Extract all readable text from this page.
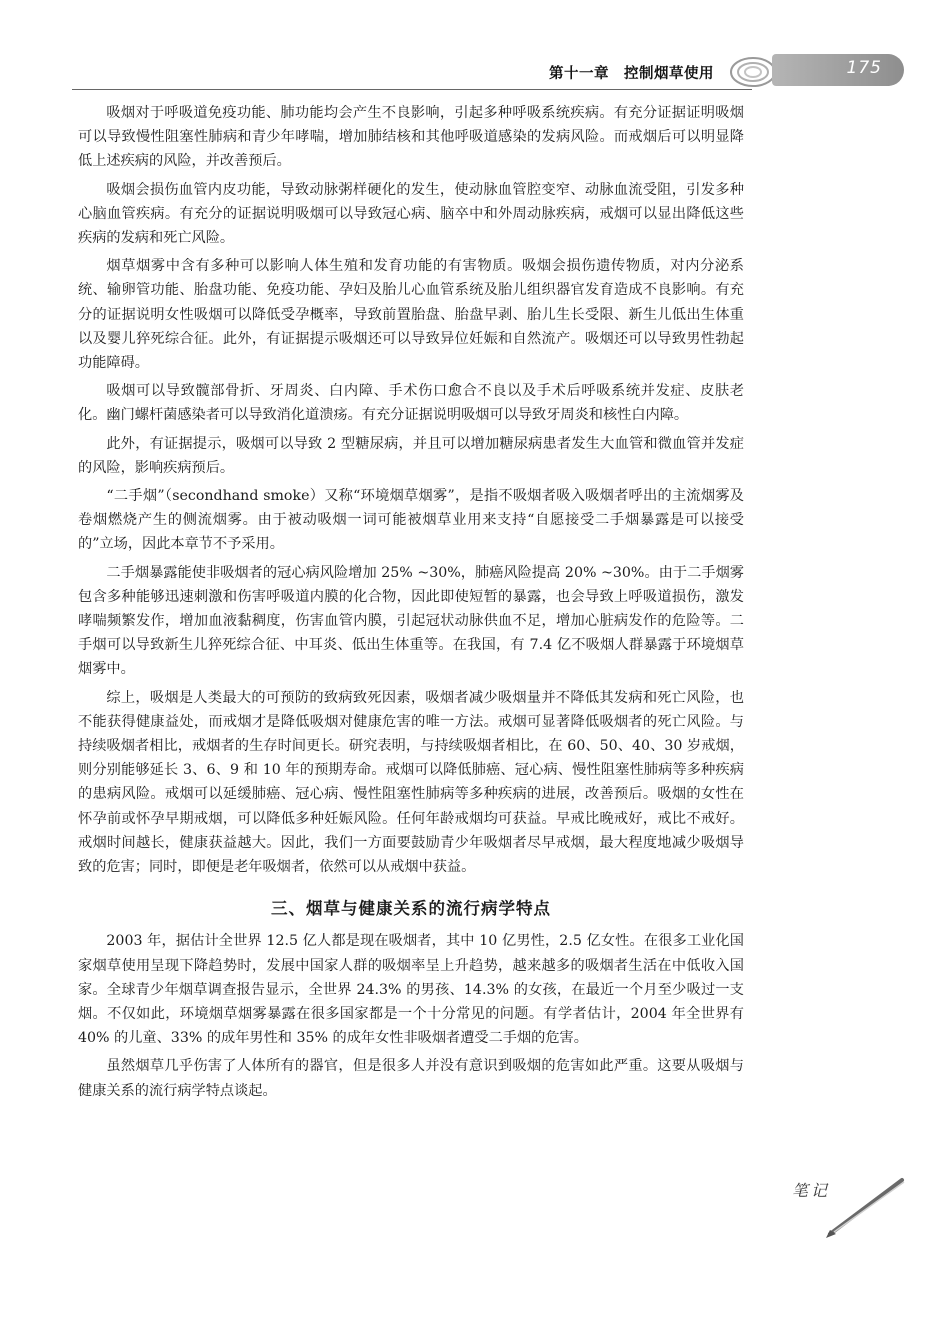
第十一章　控制烟草使用	175

吸烟对于呼吸道免疫功能、肺功能均会产生不良影响，引起多种呼吸系统疾病。有充分证据证明吸烟可以导致慢性阻塞性肺病和青少年哮喘，增加肺结核和其他呼吸道感染的发病风险。而戒烟后可以明显降低上述疾病的风险，并改善预后。

吸烟会损伤血管内皮功能，导致动脉粥样硬化的发生，使动脉血管腔变窄、动脉血流受阻，引发多种心脑血管疾病。有充分的证据说明吸烟可以导致冠心病、脑卒中和外周动脉疾病，戒烟可以显出降低这些疾病的发病和死亡风险。

烟草烟雾中含有多种可以影响人体生殖和发育功能的有害物质。吸烟会损伤遗传物质，对内分泌系统、输卵管功能、胎盘功能、免疫功能、孕妇及胎儿心血管系统及胎儿组织器官发育造成不良影响。有充分的证据说明女性吸烟可以降低受孕概率，导致前置胎盘、胎盘早剥、胎儿生长受限、新生儿低出生体重以及婴儿猝死综合征。此外，有证据提示吸烟还可以导致异位妊娠和自然流产。吸烟还可以导致男性勃起功能障碍。

吸烟可以导致髋部骨折、牙周炎、白内障、手术伤口愈合不良以及手术后呼吸系统并发症、皮肤老化。幽门螺杆菌感染者可以导致消化道溃疡。有充分证据说明吸烟可以导致牙周炎和核性白内障。

此外，有证据提示，吸烟可以导致 2 型糖尿病，并且可以增加糖尿病患者发生大血管和微血管并发症的风险，影响疾病预后。

“二手烟”（secondhand smoke）又称“环境烟草烟雾”，是指不吸烟者吸入吸烟者呼出的主流烟雾及卷烟燃烧产生的侧流烟雾。由于被动吸烟一词可能被烟草业用来支持“自愿接受二手烟暴露是可以接受的”立场，因此本章节不予采用。

二手烟暴露能使非吸烟者的冠心病风险增加 25% ~30%，肺癌风险提高 20% ~30%。由于二手烟雾包含多种能够迅速刺激和伤害呼吸道内膜的化合物，因此即使短暂的暴露，也会导致上呼吸道损伤，激发哮喘频繁发作，增加血液黏稠度，伤害血管内膜，引起冠状动脉供血不足，增加心脏病发作的危险等。二手烟可以导致新生儿猝死综合征、中耳炎、低出生体重等。在我国，有 7.4 亿不吸烟人群暴露于环境烟草烟雾中。

综上，吸烟是人类最大的可预防的致病致死因素，吸烟者减少吸烟量并不降低其发病和死亡风险，也不能获得健康益处，而戒烟才是降低吸烟对健康危害的唯一方法。戒烟可显著降低吸烟者的死亡风险。与持续吸烟者相比，戒烟者的生存时间更长。研究表明，与持续吸烟者相比，在 60、50、40、30 岁戒烟，则分别能够延长 3、6、9 和 10 年的预期寿命。戒烟可以降低肺癌、冠心病、慢性阻塞性肺病等多种疾病的患病风险。戒烟可以延缓肺癌、冠心病、慢性阻塞性肺病等多种疾病的进展，改善预后。吸烟的女性在怀孕前或怀孕早期戒烟，可以降低多种妊娠风险。任何年龄戒烟均可获益。早戒比晚戒好，戒比不戒好。戒烟时间越长，健康获益越大。因此，我们一方面要鼓励青少年吸烟者尽早戒烟，最大程度地减少吸烟导致的危害；同时，即便是老年吸烟者，依然可以从戒烟中获益。

三、烟草与健康关系的流行病学特点

2003 年，据估计全世界 12.5 亿人都是现在吸烟者，其中 10 亿男性，2.5 亿女性。在很多工业化国家烟草使用呈现下降趋势时，发展中国家人群的吸烟率呈上升趋势，越来越多的吸烟者生活在中低收入国家。全球青少年烟草调查报告显示，全世界 24.3% 的男孩、14.3% 的女孩，在最近一个月至少吸过一支烟。不仅如此，环境烟草烟雾暴露在很多国家都是一个十分常见的问题。有学者估计，2004 年全世界有 40% 的儿童、33% 的成年男性和 35% 的成年女性非吸烟者遭受二手烟的危害。

虽然烟草几乎伤害了人体所有的器官，但是很多人并没有意识到吸烟的危害如此严重。这要从吸烟与健康关系的流行病学特点谈起。

笔记
